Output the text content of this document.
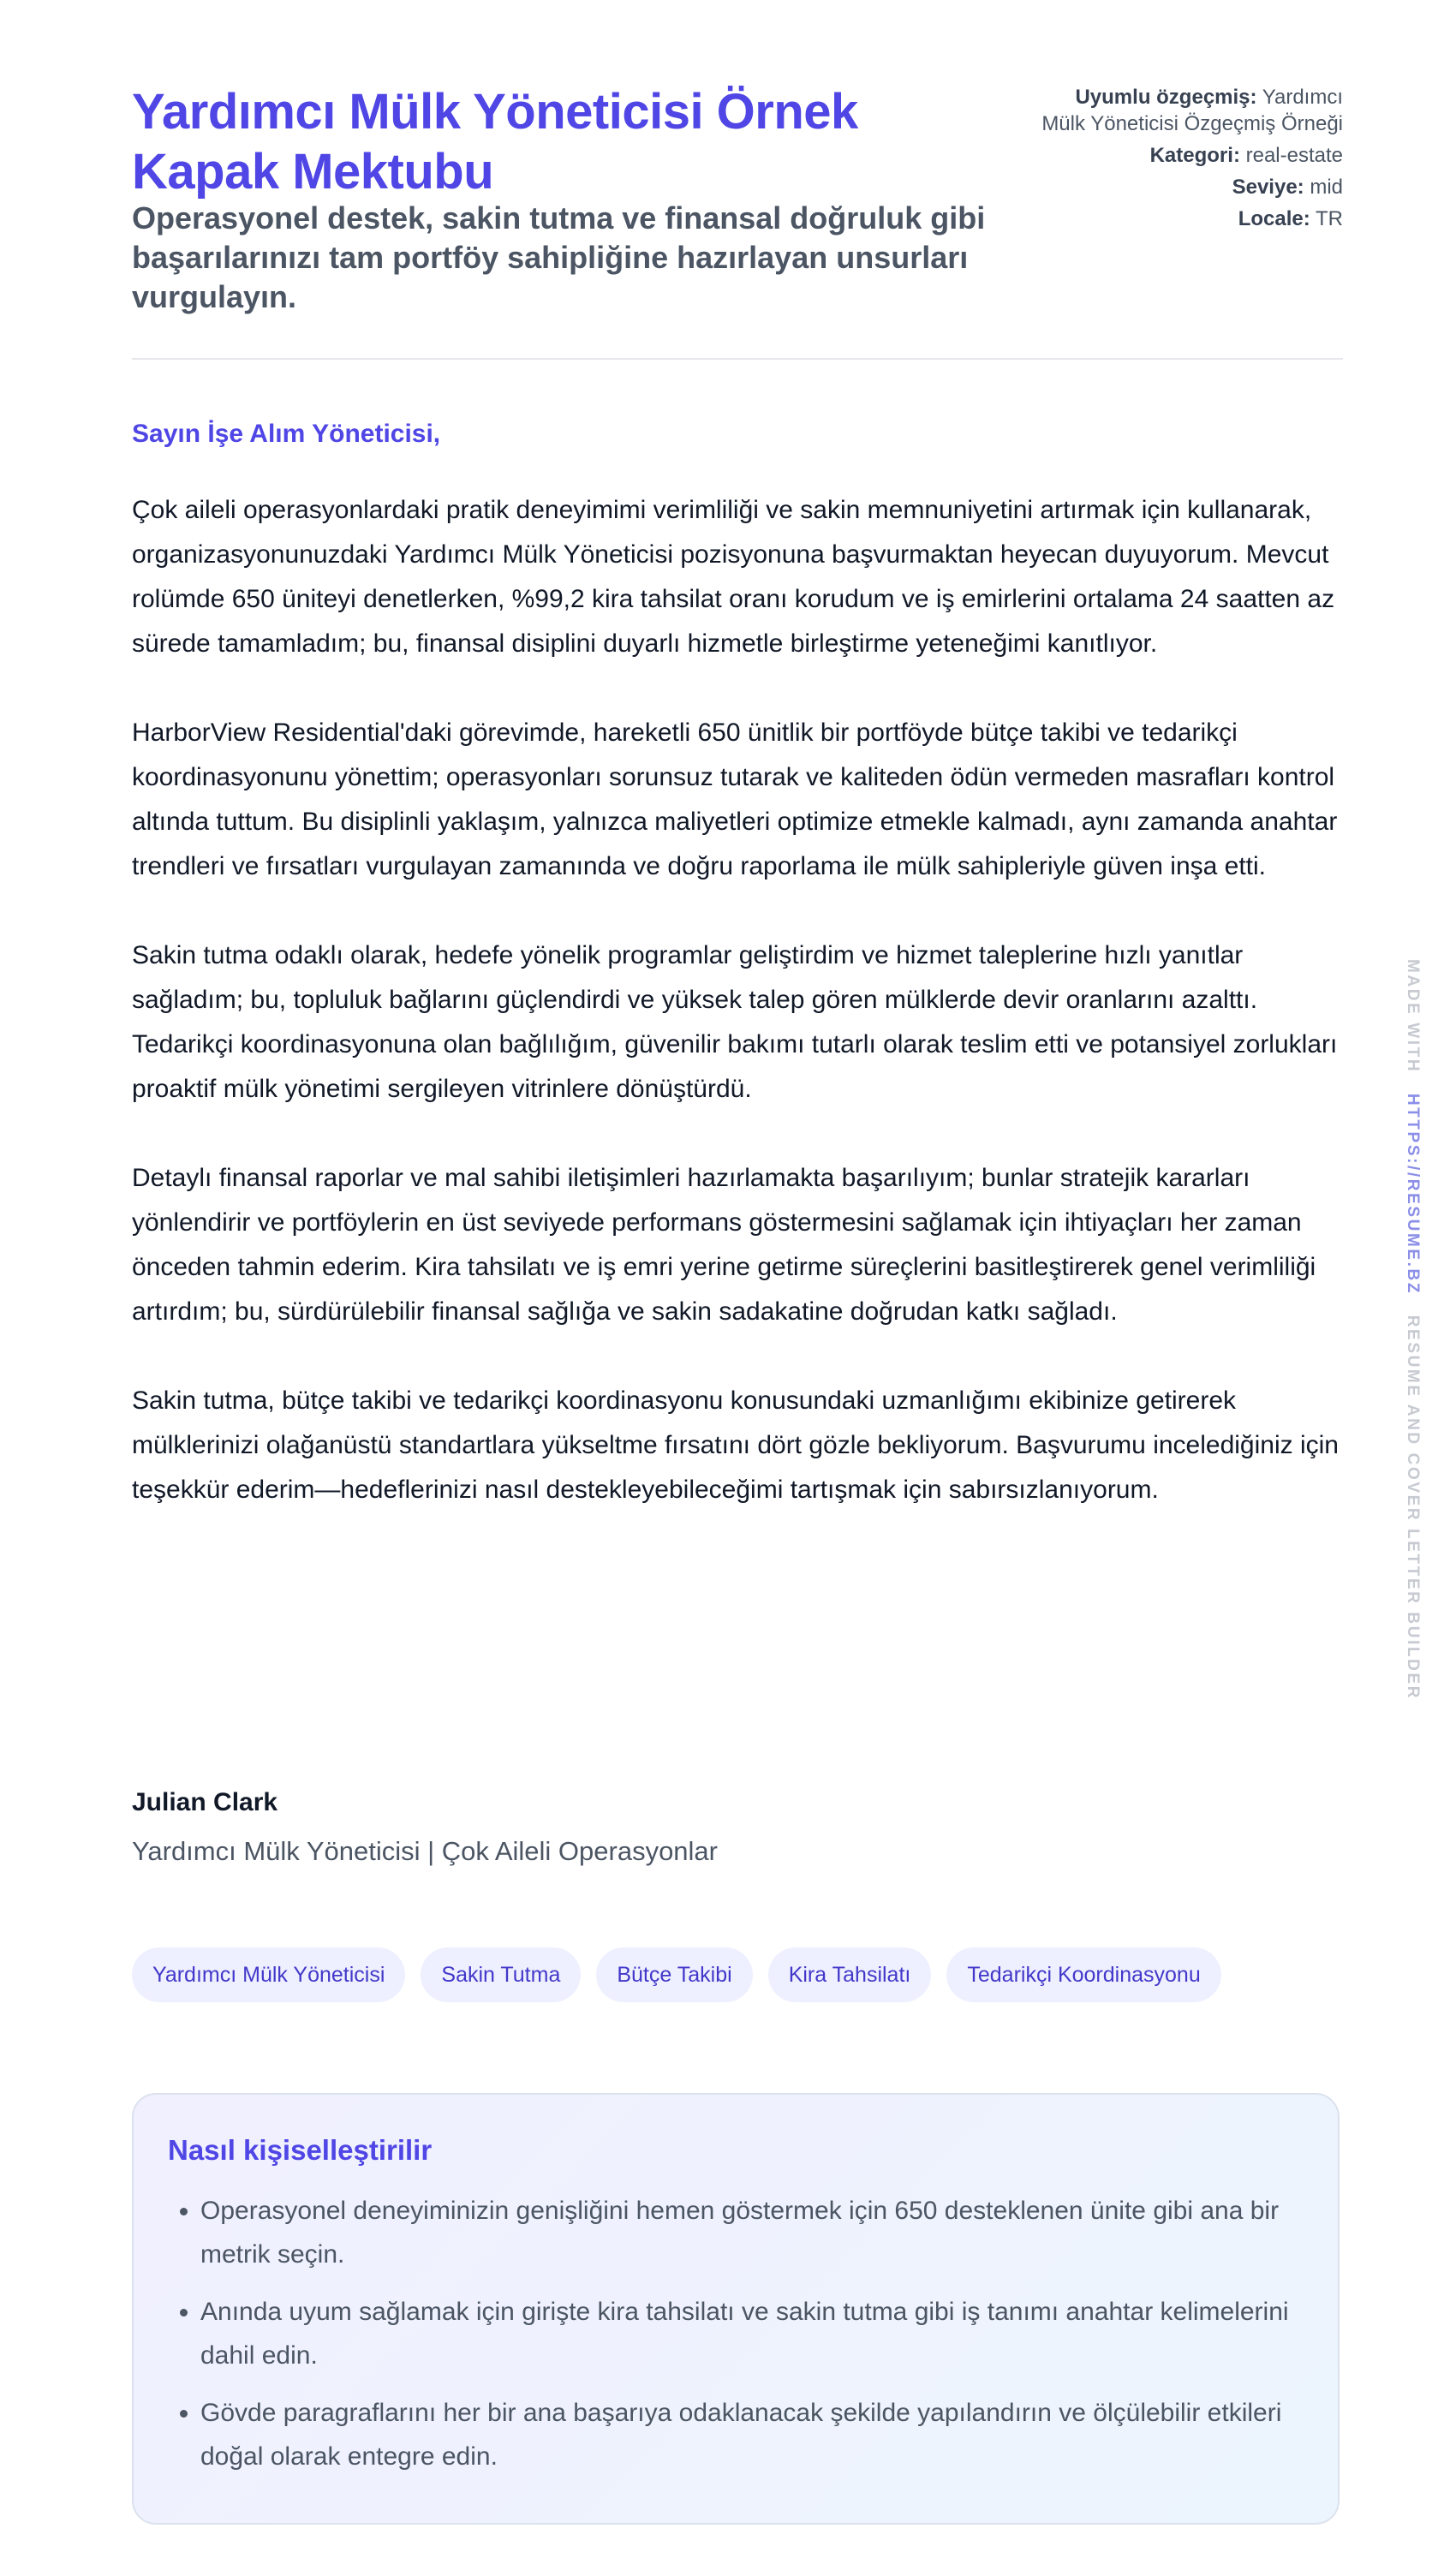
Yardımcı Mülk Yöneticisi Örnek Kapak Mektubu
Operasyonel destek, sakin tutma ve finansal doğruluk gibi başarılarınızı tam portföy sahipliğine hazırlayan unsurları vurgulayın.
Uyumlu özgeçmiş: Yardımcı Mülk Yöneticisi Özgeçmiş Örneği
Kategori: real-estate
Seviye: mid
Locale: TR

Sayın İşe Alım Yöneticisi,

Çok aileli operasyonlardaki pratik deneyimimi verimliliği ve sakin memnuniyetini artırmak için kullanarak, organizasyonunuzdaki Yardımcı Mülk Yöneticisi pozisyonuna başvurmaktan heyecan duyuyorum. Mevcut rolümde 650 üniteyi denetlerken, %99,2 kira tahsilat oranı korudum ve iş emirlerini ortalama 24 saatten az sürede tamamladım; bu, finansal disiplini duyarlı hizmetle birleştirme yeteneğimi kanıtlıyor.

HarborView Residential'daki görevimde, hareketli 650 ünitlik bir portföyde bütçe takibi ve tedarikçi koordinasyonunu yönettim; operasyonları sorunsuz tutarak ve kaliteden ödün vermeden masrafları kontrol altında tuttum. Bu disiplinli yaklaşım, yalnızca maliyetleri optimize etmekle kalmadı, aynı zamanda anahtar trendleri ve fırsatları vurgulayan zamanında ve doğru raporlama ile mülk sahipleriyle güven inşa etti.

Sakin tutma odaklı olarak, hedefe yönelik programlar geliştirdim ve hizmet taleplerine hızlı yanıtlar sağladım; bu, topluluk bağlarını güçlendirdi ve yüksek talep gören mülklerde devir oranlarını azalttı. Tedarikçi koordinasyonuna olan bağlılığım, güvenilir bakımı tutarlı olarak teslim etti ve potansiyel zorlukları proaktif mülk yönetimi sergileyen vitrinlere dönüştürdü.

Detaylı finansal raporlar ve mal sahibi iletişimleri hazırlamakta başarılıyım; bunlar stratejik kararları yönlendirir ve portföylerin en üst seviyede performans göstermesini sağlamak için ihtiyaçları her zaman önceden tahmin ederim. Kira tahsilatı ve iş emri yerine getirme süreçlerini basitleştirerek genel verimliliği artırdım; bu, sürdürülebilir finansal sağlığa ve sakin sadakatine doğrudan katkı sağladı.

Sakin tutma, bütçe takibi ve tedarikçi koordinasyonu konusundaki uzmanlığımı ekibinize getirerek mülklerinizi olağanüstü standartlara yükseltme fırsatını dört gözle bekliyorum. Başvurumu incelediğiniz için teşekkür ederim—hedeflerinizi nasıl destekleyebileceğimi tartışmak için sabırsızlanıyorum.

Julian Clark

Yardımcı Mülk Yöneticisi | Çok Aileli Operasyonlar

Yardımcı Mülk Yöneticisi	Sakin Tutma	Bütçe Takibi	Kira Tahsilatı	Tedarikçi Koordinasyonu
Nasıl kişiselleştirilir
• Operasyonel deneyiminizin genişliğini hemen göstermek için 650 desteklenen ünite gibi ana bir metrik seçin.
• Anında uyum sağlamak için girişte kira tahsilatı ve sakin tutma gibi iş tanımı anahtar kelimelerini dahil edin.
• Gövde paragraflarını her bir ana başarıya odaklanacak şekilde yapılandırın ve ölçülebilir etkileri doğal olarak entegre edin.
MADE WITH   HTTPS://RESUME.BZ   RESUME AND COVER LETTER BUILDER
